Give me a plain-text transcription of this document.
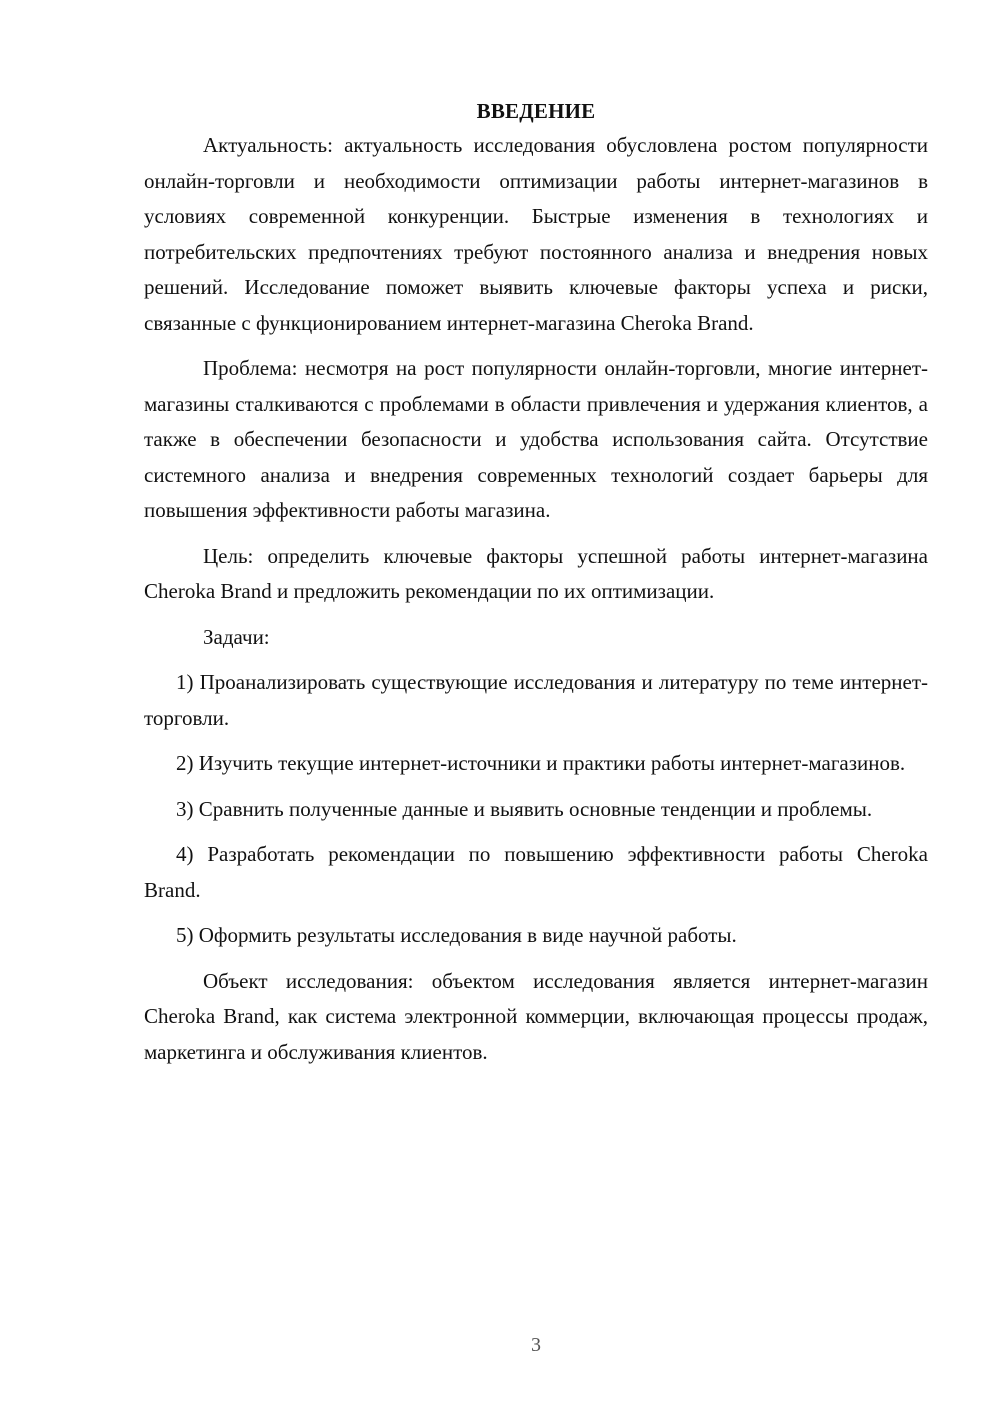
ВВЕДЕНИЕ

Актуальность: актуальность исследования обусловлена ростом популярности онлайн-торговли и необходимости оптимизации работы интернет-магазинов в условиях современной конкуренции. Быстрые изменения в технологиях и потребительских предпочтениях требуют постоянного анализа и внедрения новых решений. Исследование поможет выявить ключевые факторы успеха и риски, связанные с функционированием интернет-магазина Cheroka Brand.

Проблема: несмотря на рост популярности онлайн-торговли, многие интернет-магазины сталкиваются с проблемами в области привлечения и удержания клиентов, а также в обеспечении безопасности и удобства использования сайта. Отсутствие системного анализа и внедрения современных технологий создает барьеры для повышения эффективности работы магазина.

Цель: определить ключевые факторы успешной работы интернет-магазина Cheroka Brand и предложить рекомендации по их оптимизации.

Задачи:

1) Проанализировать существующие исследования и литературу по теме интернет-торговли.

2) Изучить текущие интернет-источники и практики работы интернет-магазинов.

3) Сравнить полученные данные и выявить основные тенденции и проблемы.

4) Разработать рекомендации по повышению эффективности работы Cheroka Brand.

5) Оформить результаты исследования в виде научной работы.

Объект исследования: объектом исследования является интернет-магазин Cheroka Brand, как система электронной коммерции, включающая процессы продаж, маркетинга и обслуживания клиентов.

3
